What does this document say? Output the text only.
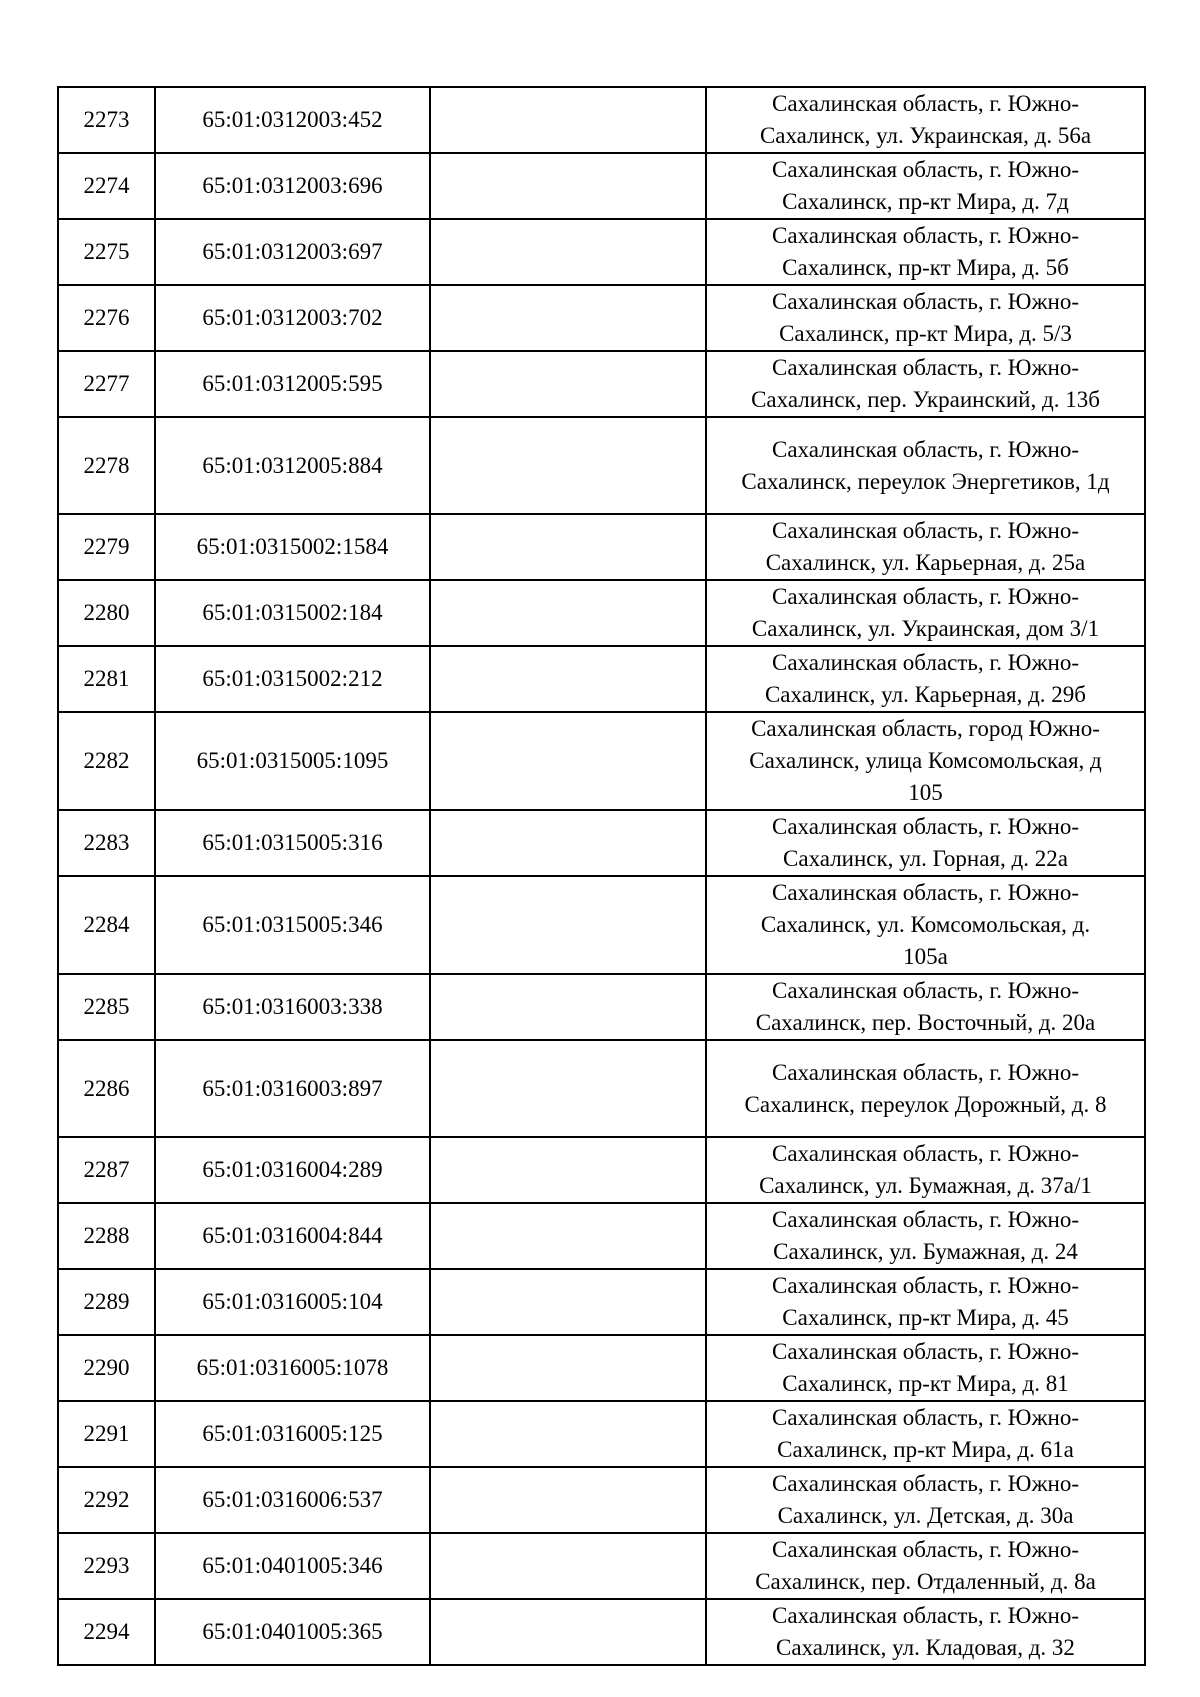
2273	65:01:0312003:452		Сахалинская область, г. Южно-
Сахалинск, ул. Украинская, д. 56а
2274	65:01:0312003:696		Сахалинская область, г. Южно-
Сахалинск, пр-кт Мира, д. 7д
2275	65:01:0312003:697		Сахалинская область, г. Южно-
Сахалинск, пр-кт Мира, д. 5б
2276	65:01:0312003:702		Сахалинская область, г. Южно-
Сахалинск, пр-кт Мира, д. 5/3
2277	65:01:0312005:595		Сахалинская область, г. Южно-
Сахалинск, пер. Украинский, д. 13б
2278	65:01:0312005:884		Сахалинская область, г. Южно-
Сахалинск, переулок Энергетиков, 1д
2279	65:01:0315002:1584		Сахалинская область, г. Южно-
Сахалинск, ул. Карьерная, д. 25а
2280	65:01:0315002:184		Сахалинская область, г. Южно-
Сахалинск, ул. Украинская, дом 3/1
2281	65:01:0315002:212		Сахалинская область, г. Южно-
Сахалинск, ул. Карьерная, д. 29б
2282	65:01:0315005:1095		Сахалинская область, город Южно-
Сахалинск, улица Комсомольская, д
105
2283	65:01:0315005:316		Сахалинская область, г. Южно-
Сахалинск, ул. Горная, д. 22а
2284	65:01:0315005:346		Сахалинская область, г. Южно-
Сахалинск, ул. Комсомольская, д.
105а
2285	65:01:0316003:338		Сахалинская область, г. Южно-
Сахалинск, пер. Восточный, д. 20а
2286	65:01:0316003:897		Сахалинская область, г. Южно-
Сахалинск, переулок Дорожный, д. 8
2287	65:01:0316004:289		Сахалинская область, г. Южно-
Сахалинск, ул. Бумажная, д. 37а/1
2288	65:01:0316004:844		Сахалинская область, г. Южно-
Сахалинск, ул. Бумажная, д. 24
2289	65:01:0316005:104		Сахалинская область, г. Южно-
Сахалинск, пр-кт Мира, д. 45
2290	65:01:0316005:1078		Сахалинская область, г. Южно-
Сахалинск, пр-кт Мира, д. 81
2291	65:01:0316005:125		Сахалинская область, г. Южно-
Сахалинск, пр-кт Мира, д. 61а
2292	65:01:0316006:537		Сахалинская область, г. Южно-
Сахалинск, ул. Детская, д. 30а
2293	65:01:0401005:346		Сахалинская область, г. Южно-
Сахалинск, пер. Отдаленный, д. 8а
2294	65:01:0401005:365		Сахалинская область, г. Южно-
Сахалинск, ул. Кладовая, д. 32
